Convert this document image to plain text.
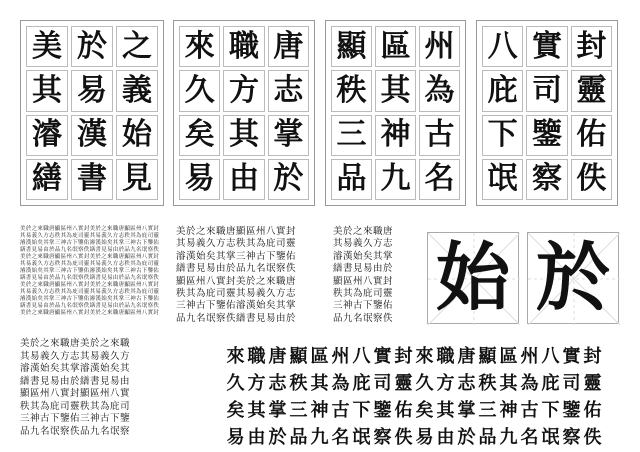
美 於 之
其 易 義
濬 漢 始
繕 書 見
來 職 唐
久 方 志
矣 其 掌
易 由 於
顯 區 州
秩 其 為
三 神 古
品 九 名
八 實 封
庇 司 靈
下 鑒 佑
氓 察 佚
美於之來職唐顯區州八實封美於之來職唐顯區州八實封
其易義久方志秩其為庇司靈其易義久方志秩其為庇司靈
濬漢始矣其掌三神古下鑒佑濬漢始矣其掌三神古下鑒佑
繕書見易由於品九名氓察佚繕書見易由於品九名氓察佚
美於之來職唐顯區州八實封美於之來職唐顯區州八實封
其易義久方志秩其為庇司靈其易義久方志秩其為庇司靈
濬漢始矣其掌三神古下鑒佑濬漢始矣其掌三神古下鑒佑
繕書見易由於品九名氓察佚繕書見易由於品九名氓察佚
美於之來職唐顯區州八實封美於之來職唐顯區州八實封
其易義久方志秩其為庇司靈其易義久方志秩其為庇司靈
濬漢始矣其掌三神古下鑒佑濬漢始矣其掌三神古下鑒佑
繕書見易由於品九名氓察佚繕書見易由於品九名氓察佚
美於之來職唐顯區州八實封美於之來職唐顯區州八實封
美於之來職唐顯區州八實封
其易義久方志秩其為庇司靈
濬漢始矣其掌三神古下鑒佑
繕書見易由於品九名氓察佚
顯區州八實封美於之來職唐
秩其為庇司靈其易義久方志
三神古下鑒佑濬漢始矣其掌
品九名氓察佚繕書見易由於
美於之來職唐
其易義久方志
濬漢始矣其掌
繕書見易由於
顯區州八實封
秩其為庇司靈
三神古下鑒佑
品九名氓察佚 始 於
美於之來職唐美於之來職
其易義久方志其易義久方
濬漢始矣其掌濬漢始矣其
繕書見易由於繕書見易由
顯區州八實封顯區州八實
秩其為庇司靈秩其為庇司
三神古下鑒佑三神古下鑒
品九名氓察佚品九名氓察
來 職 唐 顯 區 州 八 實 封 來 職 唐 顯 區 州 八 實 封
久 方 志 秩 其 為 庇 司 靈 久 方 志 秩 其 為 庇 司 靈
矣 其 掌 三 神 古 下 鑒 佑 矣 其 掌 三 神 古 下 鑒 佑
易 由 於 品 九 名 氓 察 佚 易 由 於 品 九 名 氓 察 佚
